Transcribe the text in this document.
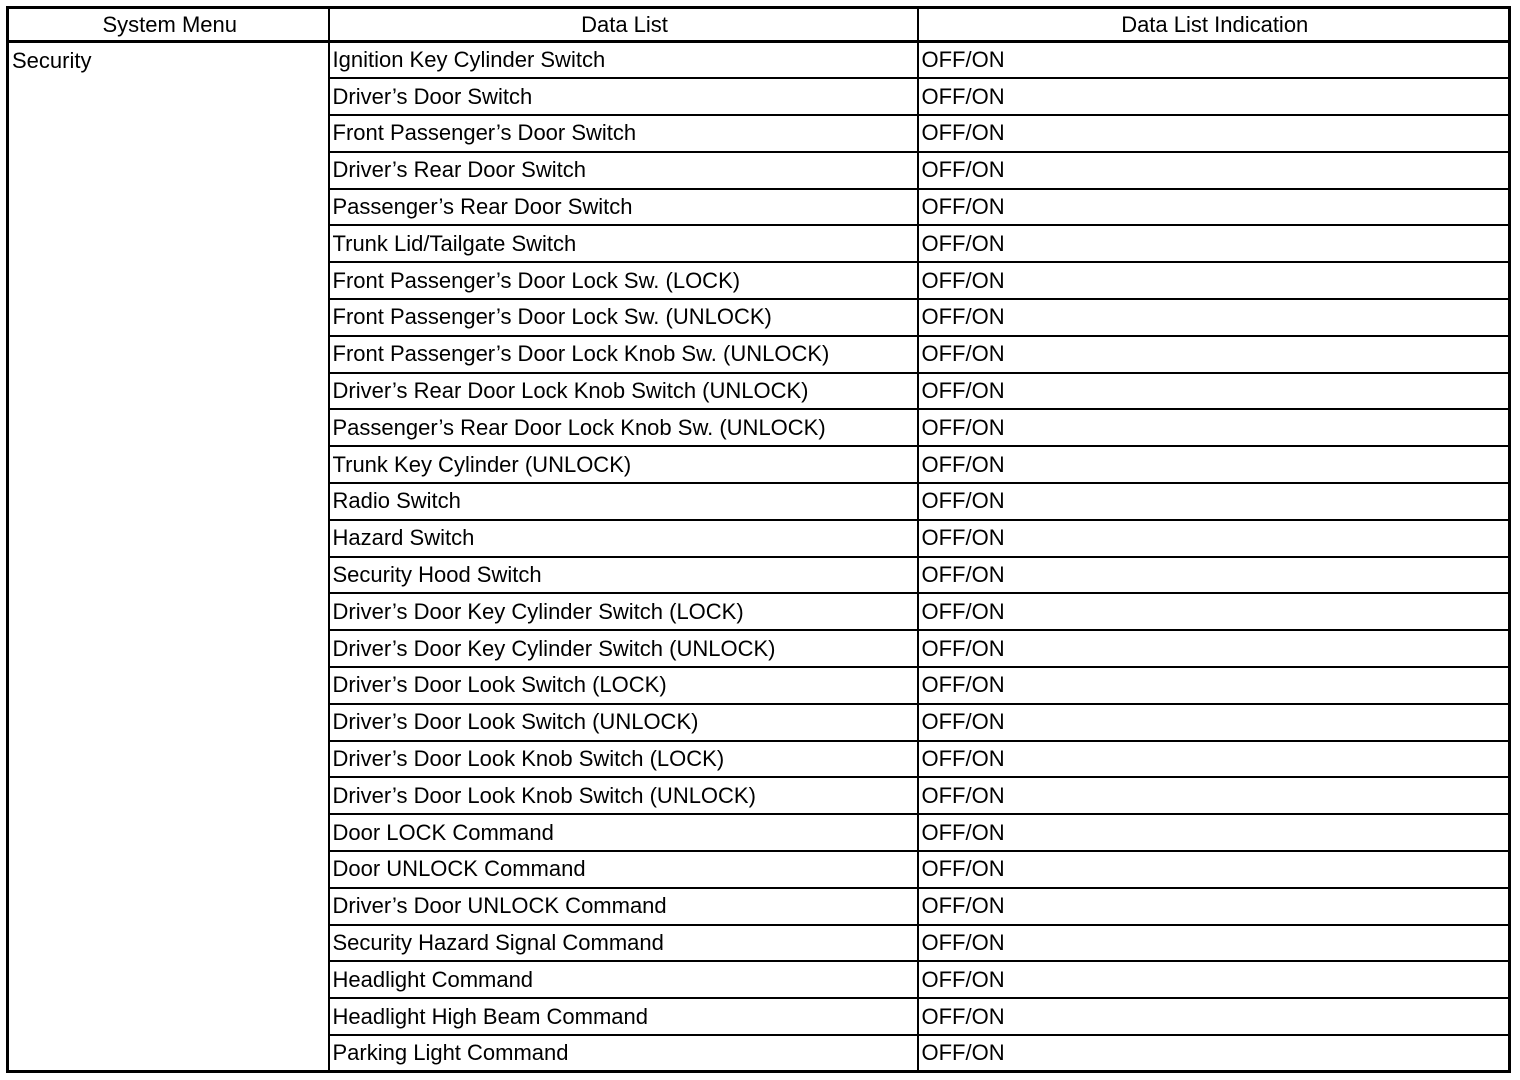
System Menu	Data List	Data List Indication
Security	Ignition Key Cylinder Switch	OFF/ON
	Driver’s Door Switch	OFF/ON
	Front Passenger’s Door Switch	OFF/ON
	Driver’s Rear Door Switch	OFF/ON
	Passenger’s Rear Door Switch	OFF/ON
	Trunk Lid/Tailgate Switch	OFF/ON
	Front Passenger’s Door Lock Sw. (LOCK)	OFF/ON
	Front Passenger’s Door Lock Sw. (UNLOCK)	OFF/ON
	Front Passenger’s Door Lock Knob Sw. (UNLOCK)	OFF/ON
	Driver’s Rear Door Lock Knob Switch (UNLOCK)	OFF/ON
	Passenger’s Rear Door Lock Knob Sw. (UNLOCK)	OFF/ON
	Trunk Key Cylinder (UNLOCK)	OFF/ON
	Radio Switch	OFF/ON
	Hazard Switch	OFF/ON
	Security Hood Switch	OFF/ON
	Driver’s Door Key Cylinder Switch (LOCK)	OFF/ON
	Driver’s Door Key Cylinder Switch (UNLOCK)	OFF/ON
	Driver’s Door Look Switch (LOCK)	OFF/ON
	Driver’s Door Look Switch (UNLOCK)	OFF/ON
	Driver’s Door Look Knob Switch (LOCK)	OFF/ON
	Driver’s Door Look Knob Switch (UNLOCK)	OFF/ON
	Door LOCK Command	OFF/ON
	Door UNLOCK Command	OFF/ON
	Driver’s Door UNLOCK Command	OFF/ON
	Security Hazard Signal Command	OFF/ON
	Headlight Command	OFF/ON
	Headlight High Beam Command	OFF/ON
	Parking Light Command	OFF/ON
